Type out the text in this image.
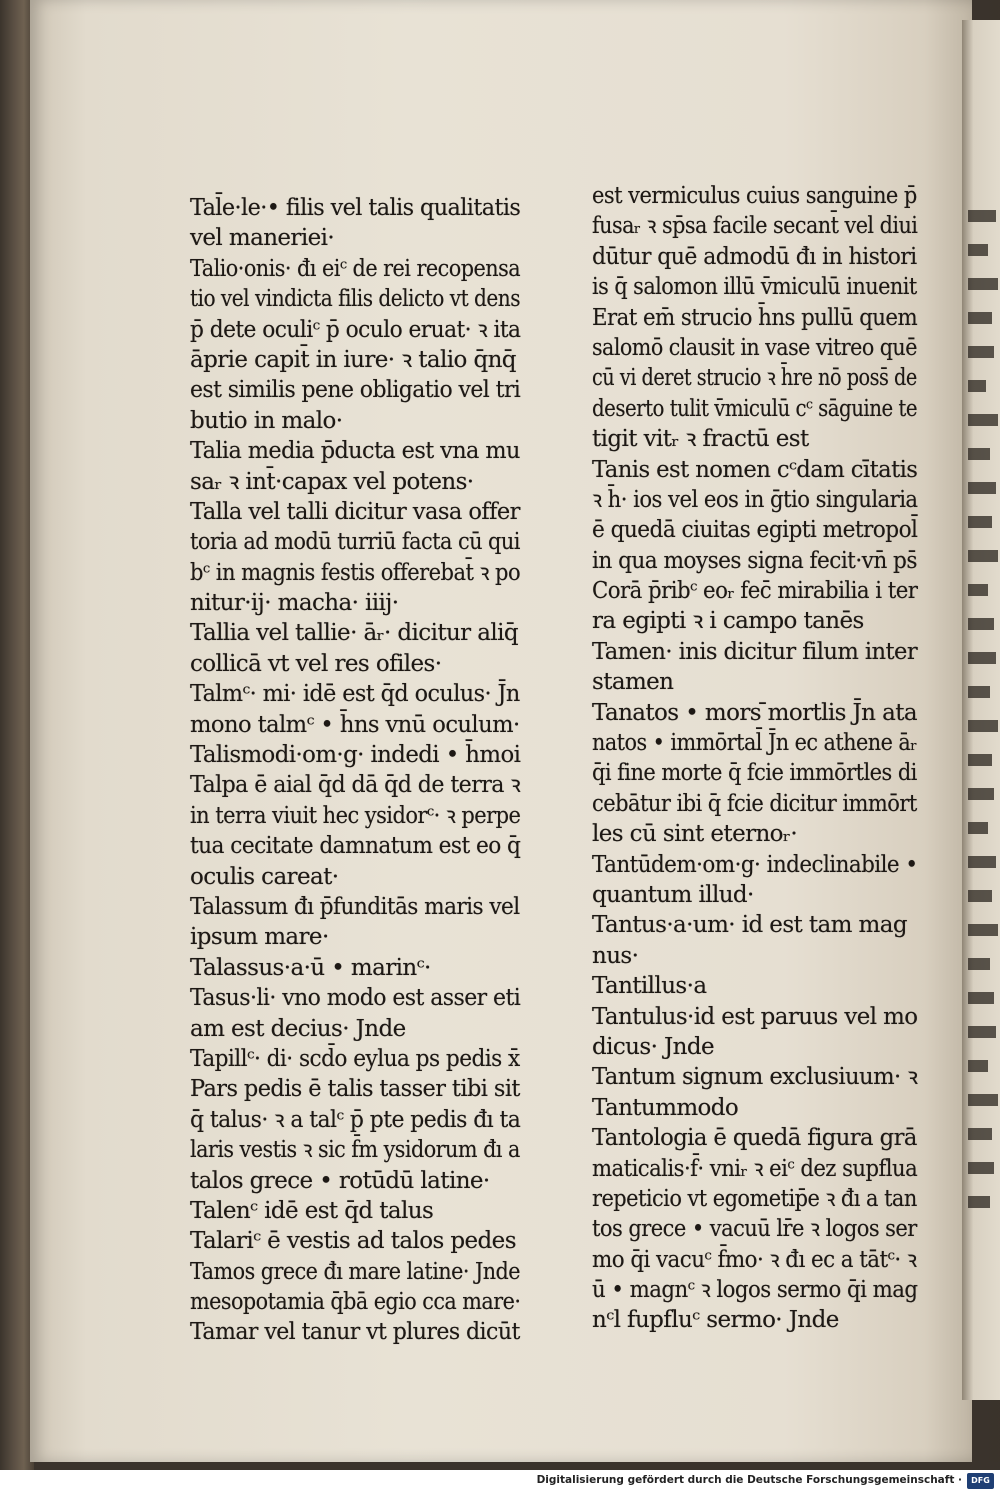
Tal̄e·le·• filis vel talis qualitatis
vel maneriei·
Talio·onis· đı eiᶜ de rei recopensa
tio vel vindicta filis delicto vt dens
p̄ dete oculiᶜ p̄ oculo eruat· ꝛ ita
āprie capit̄ in iure· ꝛ talio q̄nq̄
est similis pene obligatio vel tri
butio in malo·
Talia media p̄ducta est vna mu
saᵣ ꝛ int̄·capax vel potens·
Talla vel talli dicitur vasa offer
toria ad modū turriū facta cū qui
bᶜ in magnis festis offerebat̄ ꝛ po
nitur·ij· macha· iiij·
Tallia vel tallie· āᵣ· dicitur aliq̄
collicā vt vel res ofiles·
Talmᶜ· mi· idē est q̄d oculus· J̄n
mono talmᶜ • h̄ns vnū oculum·
Talismodi·om·g· indedi • h̄moi
Talpa ē aial q̄d dā q̄d de terra ꝛ
in terra viuit hec ysidorᶜ· ꝛ perpe
tua cecitate damnatum est eo q̄
oculis careat·
Talassum đı p̄funditās maris vel
ipsum mare·
Talassus·a·ū • marinᶜ·
Tasus·li· vno modo est asser eti
am est decius· Jnde
Tapillᶜ· di· scd̄o eylua ps pedis x̄
Pars pedis ē talis tasser tibi sit
q̄̄ talus· ꝛ a talᶜ p̄ pte pedis đı ta
laris vestis ꝛ sic f̄m ysidorum đı a
talos grece • rotūdū latine·
Talenᶜ idē est q̄d talus
Talariᶜ ē vestis ad talos pedes
Tamos grece đı mare latine· Jnde
mesopotamia q̄bā egio cca mare·
Tamar vel tanur vt plures dicūt
est vermiculus cuius sanguine p̄
fusaᵣ ꝛ sp̄sa facile secant̄ vel diui
dūtur quē admodū đı in histori
is q̄ salomon illū v̄miculū inuenit
Erat em̄ strucio h̄ns pullū quem
salomō clausit in vase vitreo quē
cū vi deret strucio ꝛ h̄re nō poss̄ de
deserto tulit v̄miculū cᶜ sāguine te
tigit vitᵣ ꝛ fractū est
Tanis est nomen cᶜdam cītatis
ꝛ h̄· ios vel eos in ḡtio singularia
ē quedā ciuitas egipti metropol̄
in qua moyses signa fecit·vn̄ ps̄
Corā p̄ribᶜ eoᵣ fec̄ mirabilia i ter
ra egipti ꝛ i campo tanēs
Tamen· inis dicitur filum inter
stamen
Tanatos • mors ̄mortlis J̄n ata
natos • immōrtal̄ J̄n ec athene āᵣ
q̄i fine morte q̄ fcie immōrtles di
cebātur ibi q̄ fcie dicitur immōrt
les cū sint eternoᵣ·
Tantūdem·om·g· indeclinabile •
quantum illud·
Tantus·a·um· id est tam mag
nus·
Tantillus·a
Tantulus·id est paruus vel mo
dicus· Jnde
Tantum signum exclusiuum· ꝛ
Tantummodo
Tantologia ē quedā figura grā
maticalis·f̄· vniᵣ ꝛ eiᶜ dez supflua
repeticio vt egometip̄e ꝛ đı a tan
tos grece • vacuū lr̄e ꝛ logos ser
mo q̄i vacuᶜ f̄mo· ꝛ đı ec a tātᶜ· ꝛ
ū • magnᶜ ꝛ logos sermo q̄i mag
nᶜl fupfluᶜ sermo· Jnde
Digitalisierung gefördert durch die Deutsche Forschungsgemeinschaft ·	DFG
